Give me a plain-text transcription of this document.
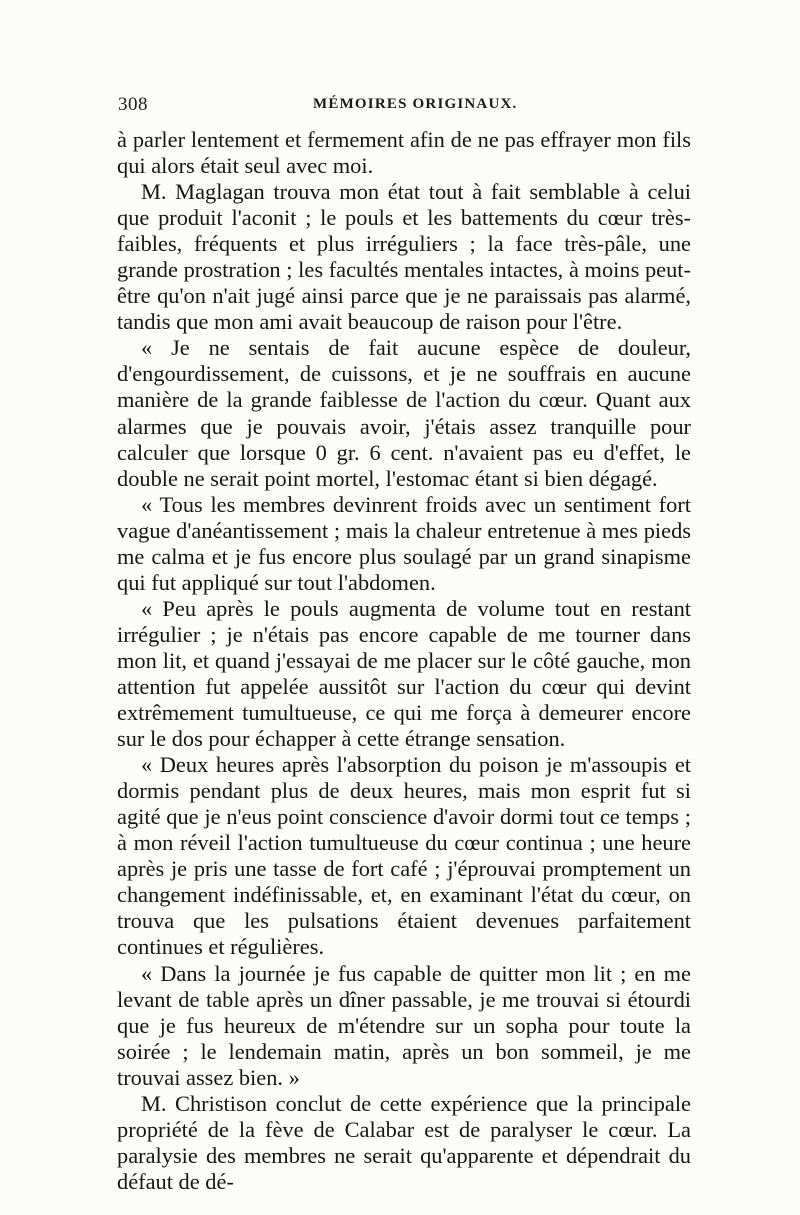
308	MÉMOIRES ORIGINAUX.

à parler lentement et fermement afin de ne pas effrayer mon fils qui alors était seul avec moi.

M. Maglagan trouva mon état tout à fait semblable à celui que produit l'aconit ; le pouls et les battements du cœur très-faibles, fréquents et plus irréguliers ; la face très-pâle, une grande prostration ; les facultés mentales intactes, à moins peut-être qu'on n'ait jugé ainsi parce que je ne paraissais pas alarmé, tandis que mon ami avait beaucoup de raison pour l'être.

« Je ne sentais de fait aucune espèce de douleur, d'engourdissement, de cuissons, et je ne souffrais en aucune manière de la grande faiblesse de l'action du cœur. Quant aux alarmes que je pouvais avoir, j'étais assez tranquille pour calculer que lorsque 0 gr. 6 cent. n'avaient pas eu d'effet, le double ne serait point mortel, l'estomac étant si bien dégagé.

« Tous les membres devinrent froids avec un sentiment fort vague d'anéantissement ; mais la chaleur entretenue à mes pieds me calma et je fus encore plus soulagé par un grand sinapisme qui fut appliqué sur tout l'abdomen.

« Peu après le pouls augmenta de volume tout en restant irrégulier ; je n'étais pas encore capable de me tourner dans mon lit, et quand j'essayai de me placer sur le côté gauche, mon attention fut appelée aussitôt sur l'action du cœur qui devint extrêmement tumultueuse, ce qui me força à demeurer encore sur le dos pour échapper à cette étrange sensation.

« Deux heures après l'absorption du poison je m'assoupis et dormis pendant plus de deux heures, mais mon esprit fut si agité que je n'eus point conscience d'avoir dormi tout ce temps ; à mon réveil l'action tumultueuse du cœur continua ; une heure après je pris une tasse de fort café ; j'éprouvai promptement un changement indéfinissable, et, en examinant l'état du cœur, on trouva que les pulsations étaient devenues parfaitement continues et régulières.

« Dans la journée je fus capable de quitter mon lit ; en me levant de table après un dîner passable, je me trouvai si étourdi que je fus heureux de m'étendre sur un sopha pour toute la soirée ; le lendemain matin, après un bon sommeil, je me trouvai assez bien. »

M. Christison conclut de cette expérience que la principale propriété de la fève de Calabar est de paralyser le cœur. La paralysie des membres ne serait qu'apparente et dépendrait du défaut de dé-
